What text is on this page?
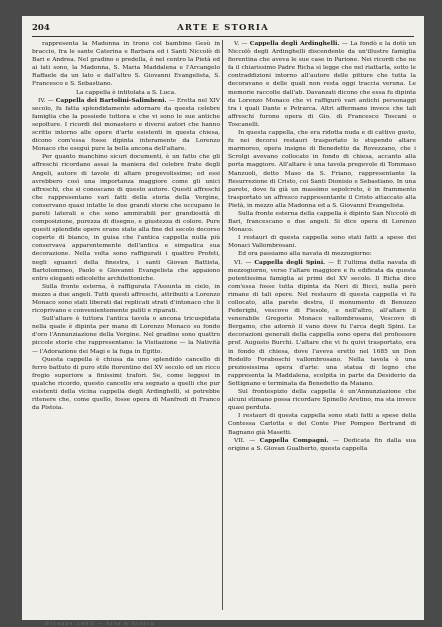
204	ARTE E STORIA

rappresenta la Madonna in trono col bambino Gesù in braccio, fra le sante Caterina e Barbara ed i Santi Niccolò di Bari e Andrea. Nel gradino o predella, è nel centro la Pietà ed ai lati sono, la Madonna, S. Maria Maddalena e l'Arcangelo Raffaele da un lato e dall'altro S. Giovanni Evangelista, S. Francesco e S. Sebastiano.

La cappella è intitolata a S. Luca.

IV. — Cappella dei Bartolini-Salimbeni. — Eretta nel XIV secolo, fu fatta splendidamente adornare da questa celebre famiglia che la possiede tuttora e che vi sono le sue antiche sepolture. I ricordi del monastero e diversi autori che hanno scritto intorno alle opere d'arte esistenti in questa chiesa, dicono com'essa fosse dipinta interamente da Lorenzo Monaco che eseguì pure la bella ancona dell'altare.

Per quanto manchino sicuri documenti, è un fatto che gli affreschi ricordano assai la maniera del celebre frate degli Angeli, autore di tavole di altare pregevolissime; ed essi avrebbero così una importanza maggiore come gli unici affreschi, che si conoscano di questo autore. Questi affreschi che rappresentano vari fatti della storia della Vergine, conservano quasi intatte le due grandi storie che occupano le pareti laterali e che sono ammirabili per grandiosità di composizione, purezza di disegno, e giustezza di colore. Pure questi splendide opere erano state alla fine del secolo decorso coperte di bianco, in guisa che l'antica cappella nulla più conservava apparentemente dell'antica e simpatica sua decorazione. Nella volta sono raffigurati i quattro Profeti, negli sguanci della finestra, i santi Giovan Battista, Bartolommeo, Paolo e Giovanni Evangelista che appaiono entro eleganti edicolette architettoniche.

Sulla fronte esterna, è raffigurata l'Assunta in cielo, in mezzo a due angeli. Tutti questi affreschi, attribuiti a Lorenzo Monaco sono stati liberati dai replicati strati d'intonaco che li ricoprivano e convenientemente puliti e riparati.

Sull'altare è tuttora l'antica tavola o ancona tricuspidata nella quale è dipinta per mano di Lorenzo Monaco su fondo d'oro l'Annunziazione della Vergine. Nel gradino sono quattro piccole storie che rappresentano: la Visitazione — la Natività — l'Adorazione dei Magi e la fuga in Egitto.

Questa cappella è chiusa da uno splendido cancello di ferro battuto di puro stile fiorentino del XV secolo ed un ricco fregio superiore a finissimi trafori. Se, come leggesi in qualche ricordo, questo cancello era segnato a quelli che pur esistenti della vicina cappella degli Ardinghelli, si potrebbe ritenere che, come quello, fosse opera di Manfredi di Franco da Pistoia.

V. — Cappella degli Ardinghelli. — La fondò e la dotò un Niccolò degli Ardinghelli discendente da un'illustre famiglia fiorentina che aveva le sue case in Parione. Nei ricordi che ne fa il chiarissimo Padre Richa si legge che nel riattarla, sotto le contraddizioni intorno all'autore delle pitture che tutta la decoravano e delle quali non resta oggi traccia veruna. Le memorie raccolte dall'ab. Davanzati dicono che essa fu dipinta da Lorenzo Monaco che vi raffigurò vari antichi personaggi tra i quali Dante e Petrarca. Altri affermano invece che tali affreschi furono opera di Gio. di Francesco Toscani o Toscanelli.

In questa cappella, che era ridotta nuda e di cattivo gusto, fu nei decorsi restauri trasportato lo stupendo altare marmoreo, opera insigne di Benedetto da Rovezzano, che i Scrolgi avevano collocato in fondo di chiesa, accanto alla porta maggiore. All'altare è una tavola pregevole di Tommaso Manzuoli, detto Maso da S. Friano, rappresentante la Resurrezione di Cristo, coi Santi Dionisio e Sebastiano. In una parete, dove fa già un massimo sepolcreto, è in frammento trasportato un affresco rappresentante il Cristo attaccato alla Pietà, in mezzo alla Madonna ed a S. Giovanni Evangelista.

Sulla fronte esterna della cappella è dipinto San Niccolò di Bari, francescano e due angeli. Si dice opera di Lorenzo Monaco.

I restauri di questa cappella sono stati fatti a spese dei Monaci Vallombrosani.

Ed ora passiamo alla navata di mezzogiorno:

VI. — Cappella degli Spini. — È l'ultima della navata di mezzogiorno, verso l'altare maggiore e fu edificata da questa potentissima famiglia ai primi del XV secolo. Il Richa dice com'essa fosse tutta dipinta da Neri di Bicci, nulla però rimane di tali opere. Nel restauro di questa cappella vi fu collocato, alla parete destra, il monumento di Benozzo Federighi, vescovo di Fiesole, e nell'altro, all'altare il venerabile Gregorio Monaco vallombrosano, Vescovo di Bergamo, che adornò il vano dove fu l'arca degli Spini. Le decorazioni generali della cappella sono opera del professore prof. Augusto Burchi. L'altare che vi fu quivi trasportato, era in fondo di chiesa, dove l'aveva eretto nel 1685 un Don Rodolfo Foraboschi vallombrosano. Nella tavola è una preziosissima opera d'arte: una statua di legno che rappresenta la Maddalena, scolpita in parte da Desiderio da Settignano e terminata da Benedetto da Maiano.

Sul frontespizio della cappella è un'Annunziazione che alcuni stimano possa ricordare Spinello Aretino, ma sta invece quasi perduta.

I restauri di questa cappella sono stati fatti a spese della Contessa Carlotta e del Conte Pier Pompeo Bertrand di Bagnano già Masetti.

VII. — Cappella Compagni. — Dedicata fin dalla sua origine a S. Giovan Gualberto, questa cappella

Firenze 1903 — Arte e Storia
